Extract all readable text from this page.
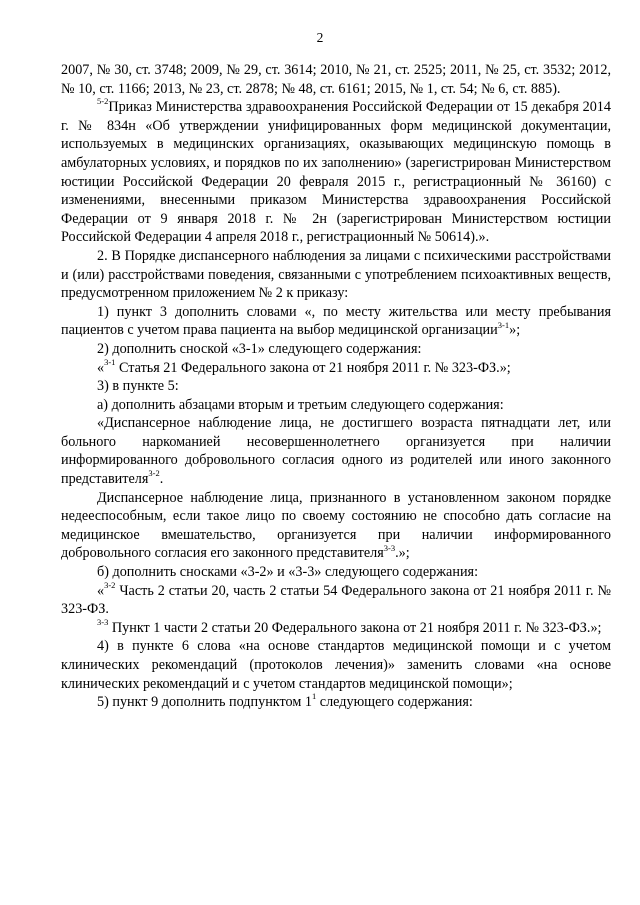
2

2007, № 30, ст. 3748; 2009, № 29, ст. 3614; 2010, № 21, ст. 2525; 2011, № 25, ст. 3532; 2012, № 10, ст. 1166; 2013, № 23, ст. 2878; № 48, ст. 6161; 2015, № 1, ст. 54; № 6, ст. 885).

$^{5-2}$Приказ Министерства здравоохранения Российской Федерации от 15 декабря 2014 г. № 834н «Об утверждении унифицированных форм медицинской документации, используемых в медицинских организациях, оказывающих медицинскую помощь в амбулаторных условиях, и порядков по их заполнению» (зарегистрирован Министерством юстиции Российской Федерации 20 февраля 2015 г., регистрационный № 36160) с изменениями, внесенными приказом Министерства здравоохранения Российской Федерации от 9 января 2018 г. № 2н (зарегистрирован Министерством юстиции Российской Федерации 4 апреля 2018 г., регистрационный № 50614).».

2. В Порядке диспансерного наблюдения за лицами с психическими расстройствами и (или) расстройствами поведения, связанными с употреблением психоактивных веществ, предусмотренном приложением № 2 к приказу:

1) пункт 3 дополнить словами «, по месту жительства или месту пребывания пациентов с учетом права пациента на выбор медицинской организации$^{3-1}$»;

2) дополнить сноской «3-1» следующего содержания:

«$^{3-1}$ Статья 21 Федерального закона от 21 ноября 2011 г. № 323-ФЗ.»;

3) в пункте 5:

а) дополнить абзацами вторым и третьим следующего содержания:

«Диспансерное наблюдение лица, не достигшего возраста пятнадцати лет, или больного наркоманией несовершеннолетнего организуется при наличии информированного добровольного согласия одного из родителей или иного законного представителя$^{3-2}$.

Диспансерное наблюдение лица, признанного в установленном законом порядке недееспособным, если такое лицо по своему состоянию не способно дать согласие на медицинское вмешательство, организуется при наличии информированного добровольного согласия его законного представителя$^{3-3}$.»;

б) дополнить сносками «3-2» и «3-3» следующего содержания:

«$^{3-2}$ Часть 2 статьи 20, часть 2 статьи 54 Федерального закона от 21 ноября 2011 г. № 323-ФЗ.

$^{3-3}$ Пункт 1 части 2 статьи 20 Федерального закона от 21 ноября 2011 г. № 323-ФЗ.»;

4) в пункте 6 слова «на основе стандартов медицинской помощи и с учетом клинических рекомендаций (протоколов лечения)» заменить словами «на основе клинических рекомендаций и с учетом стандартов медицинской помощи»;

5) пункт 9 дополнить подпунктом $1^1$ следующего содержания:
